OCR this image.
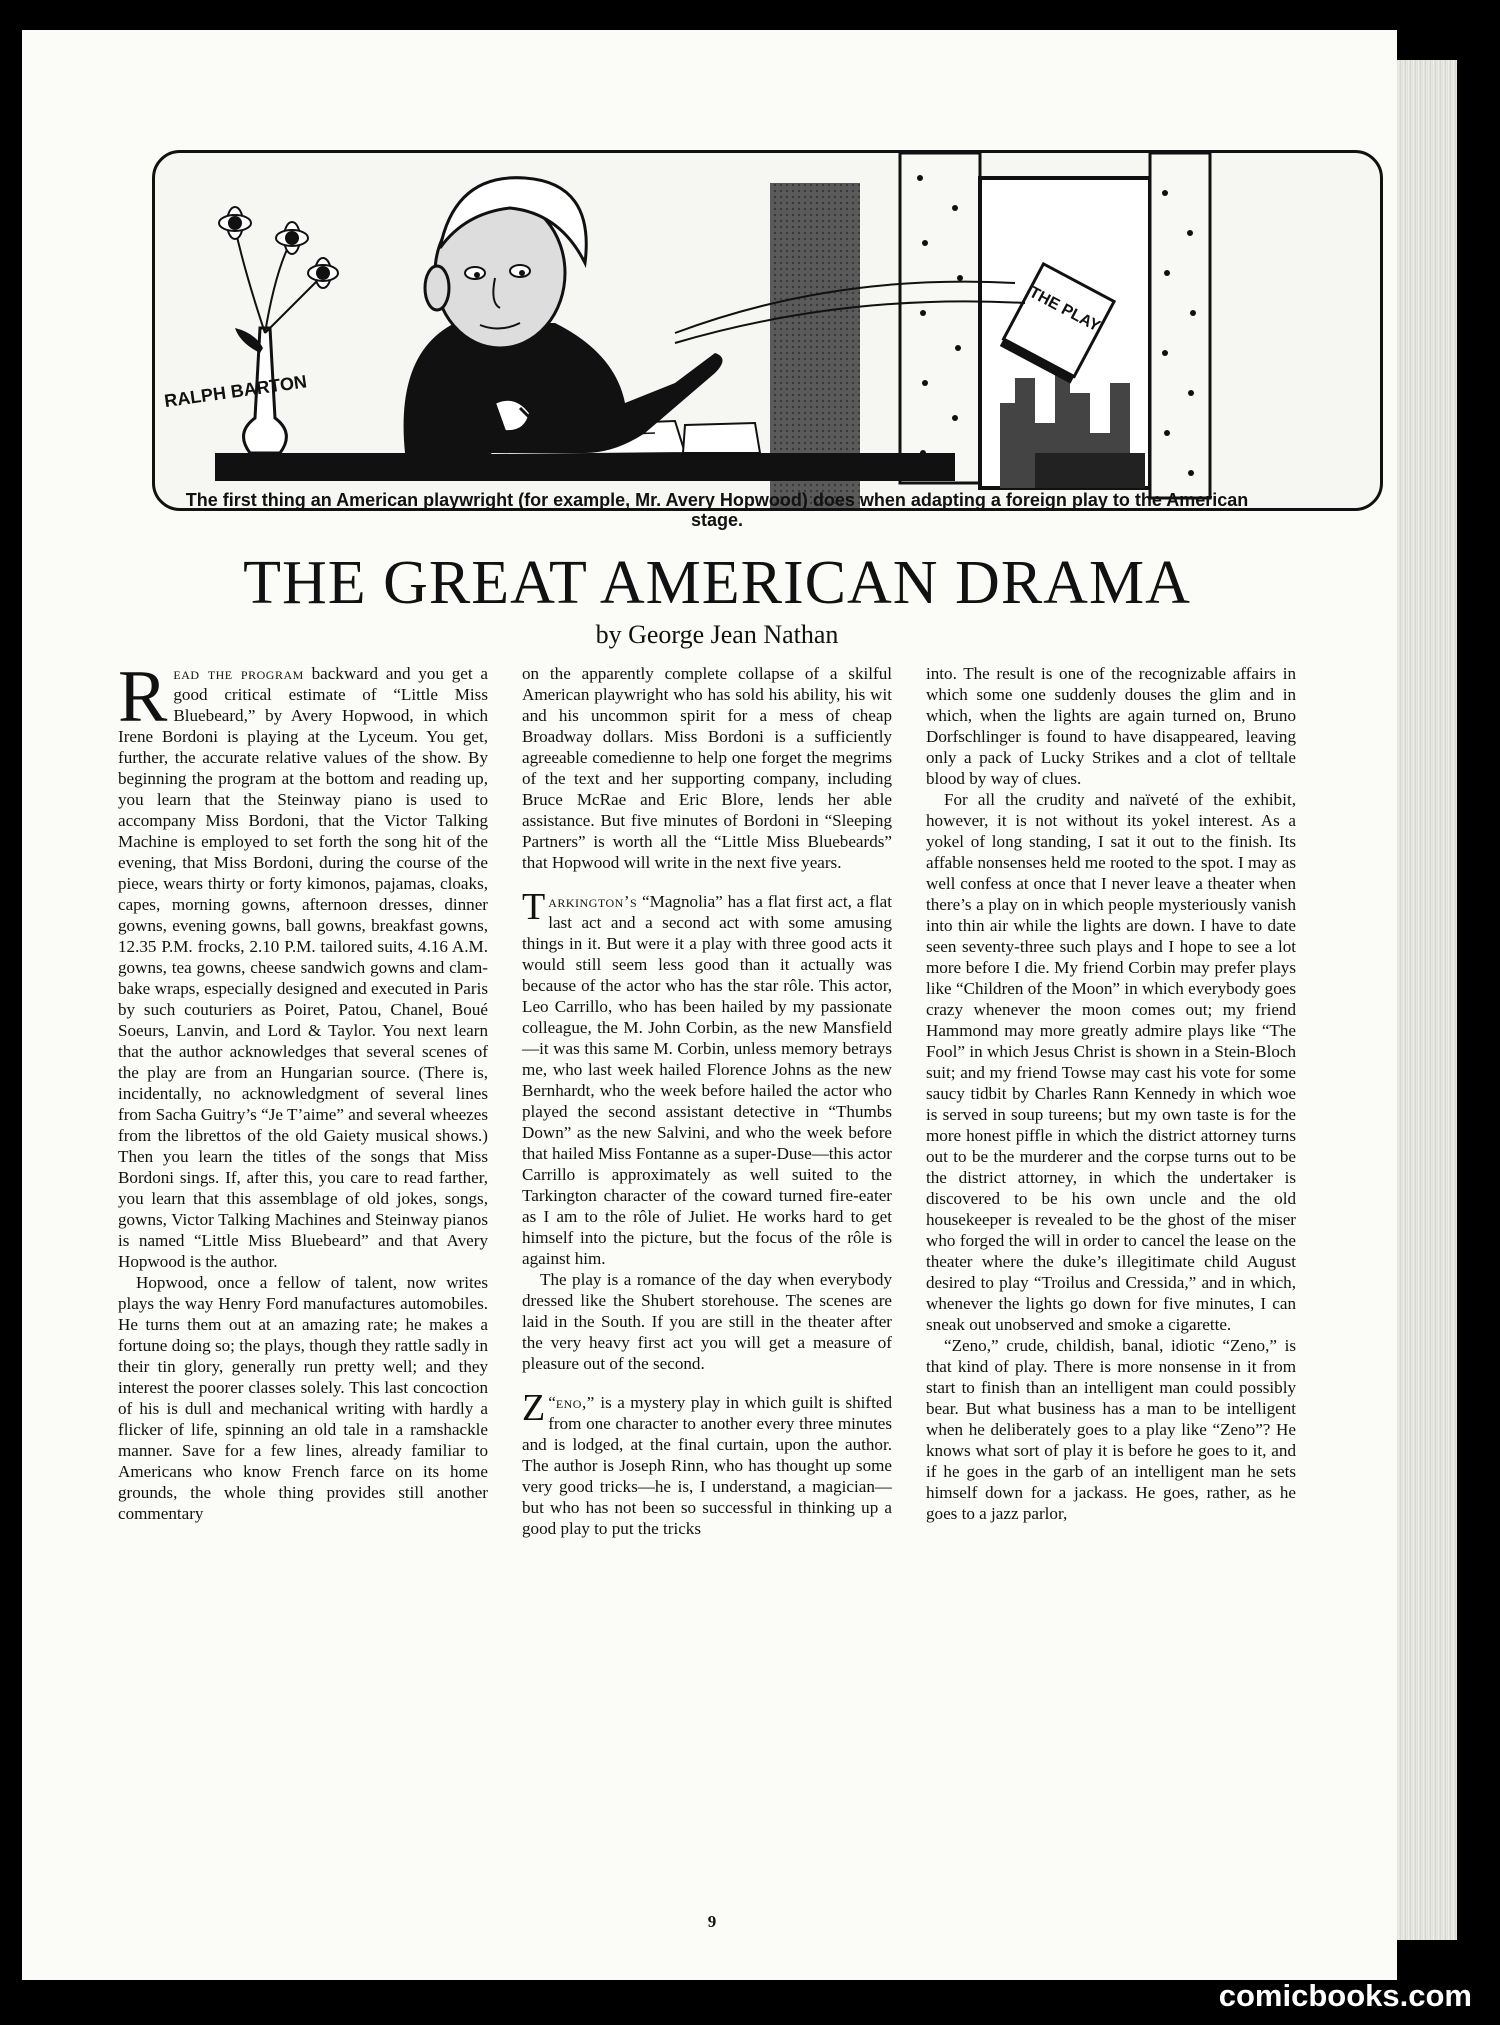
THE PLAY
RALPH BARTON
The first thing an American playwright (for example, Mr. Avery Hopwood) does when adapting a foreign play to the American stage.
THE GREAT AMERICAN DRAMA
by George Jean Nathan

Read the program backward and you get a good critical estimate of “Little Miss Bluebeard,” by Avery Hopwood, in which Irene Bordoni is playing at the Lyceum. You get, further, the accurate relative values of the show. By beginning the program at the bottom and reading up, you learn that the Steinway piano is used to accompany Miss Bordoni, that the Victor Talking Machine is employed to set forth the song hit of the evening, that Miss Bordoni, during the course of the piece, wears thirty or forty kimonos, pajamas, cloaks, capes, morning gowns, afternoon dresses, dinner gowns, evening gowns, ball gowns, breakfast gowns, 12.35 P.M. frocks, 2.10 P.M. tailored suits, 4.16 A.M. gowns, tea gowns, cheese sandwich gowns and clam-bake wraps, especially designed and executed in Paris by such couturiers as Poiret, Patou, Chanel, Boué Soeurs, Lanvin, and Lord & Taylor. You next learn that the author acknowledges that several scenes of the play are from an Hungarian source. (There is, incidentally, no acknowledgment of several lines from Sacha Guitry’s “Je T’aime” and several wheezes from the librettos of the old Gaiety musical shows.) Then you learn the titles of the songs that Miss Bordoni sings. If, after this, you care to read farther, you learn that this assemblage of old jokes, songs, gowns, Victor Talking Machines and Steinway pianos is named “Little Miss Bluebeard” and that Avery Hopwood is the author.

Hopwood, once a fellow of talent, now writes plays the way Henry Ford manufactures automobiles. He turns them out at an amazing rate; he makes a fortune doing so; the plays, though they rattle sadly in their tin glory, generally run pretty well; and they interest the poorer classes solely. This last concoction of his is dull and mechanical writing with hardly a flicker of life, spinning an old tale in a ramshackle manner. Save for a few lines, already familiar to Americans who know French farce on its home grounds, the whole thing provides still another commentary

on the apparently complete collapse of a skilful American playwright who has sold his ability, his wit and his uncommon spirit for a mess of cheap Broadway dollars. Miss Bordoni is a sufficiently agreeable comedienne to help one forget the megrims of the text and her supporting company, including Bruce McRae and Eric Blore, lends her able assistance. But five minutes of Bordoni in “Sleeping Partners” is worth all the “Little Miss Bluebeards” that Hopwood will write in the next five years.

Tarkington’s “Magnolia” has a flat first act, a flat last act and a second act with some amusing things in it. But were it a play with three good acts it would still seem less good than it actually was because of the actor who has the star rôle. This actor, Leo Carrillo, who has been hailed by my passionate colleague, the M. John Corbin, as the new Mansfield—it was this same M. Corbin, unless memory betrays me, who last week hailed Florence Johns as the new Bernhardt, who the week before hailed the actor who played the second assistant detective in “Thumbs Down” as the new Salvini, and who the week before that hailed Miss Fontanne as a super-Duse—this actor Carrillo is approximately as well suited to the Tarkington character of the coward turned fire-eater as I am to the rôle of Juliet. He works hard to get himself into the picture, but the focus of the rôle is against him.

The play is a romance of the day when everybody dressed like the Shubert storehouse. The scenes are laid in the South. If you are still in the theater after the very heavy first act you will get a measure of pleasure out of the second.

“
Z eno,” is a mystery play in which guilt is shifted from one character to another every three minutes and is lodged, at the final curtain, upon the author. The author is Joseph Rinn, who has thought up some very good tricks—he is, I understand, a magician—but who has not been so successful in thinking up a good play to put the tricks

into. The result is one of the recognizable affairs in which some one suddenly douses the glim and in which, when the lights are again turned on, Bruno Dorfschlinger is found to have disappeared, leaving only a pack of Lucky Strikes and a clot of telltale blood by way of clues.

For all the crudity and naïveté of the exhibit, however, it is not without its yokel interest. As a yokel of long standing, I sat it out to the finish. Its affable nonsenses held me rooted to the spot. I may as well confess at once that I never leave a theater when there’s a play on in which people mysteriously vanish into thin air while the lights are down. I have to date seen seventy-three such plays and I hope to see a lot more before I die. My friend Corbin may prefer plays like “Children of the Moon” in which everybody goes crazy whenever the moon comes out; my friend Hammond may more greatly admire plays like “The Fool” in which Jesus Christ is shown in a Stein-Bloch suit; and my friend Towse may cast his vote for some saucy tidbit by Charles Rann Kennedy in which woe is served in soup tureens; but my own taste is for the more honest piffle in which the district attorney turns out to be the murderer and the corpse turns out to be the district attorney, in which the undertaker is discovered to be his own uncle and the old housekeeper is revealed to be the ghost of the miser who forged the will in order to cancel the lease on the theater where the duke’s illegitimate child August desired to play “Troilus and Cressida,” and in which, whenever the lights go down for five minutes, I can sneak out unobserved and smoke a cigarette.

“Zeno,” crude, childish, banal, idiotic “Zeno,” is that kind of play. There is more nonsense in it from start to finish than an intelligent man could possibly bear. But what business has a man to be intelligent when he deliberately goes to a play like “Zeno”? He knows what sort of play it is before he goes to it, and if he goes in the garb of an intelligent man he sets himself down for a jackass. He goes, rather, as he goes to a jazz parlor,

9
comicbooks.com
